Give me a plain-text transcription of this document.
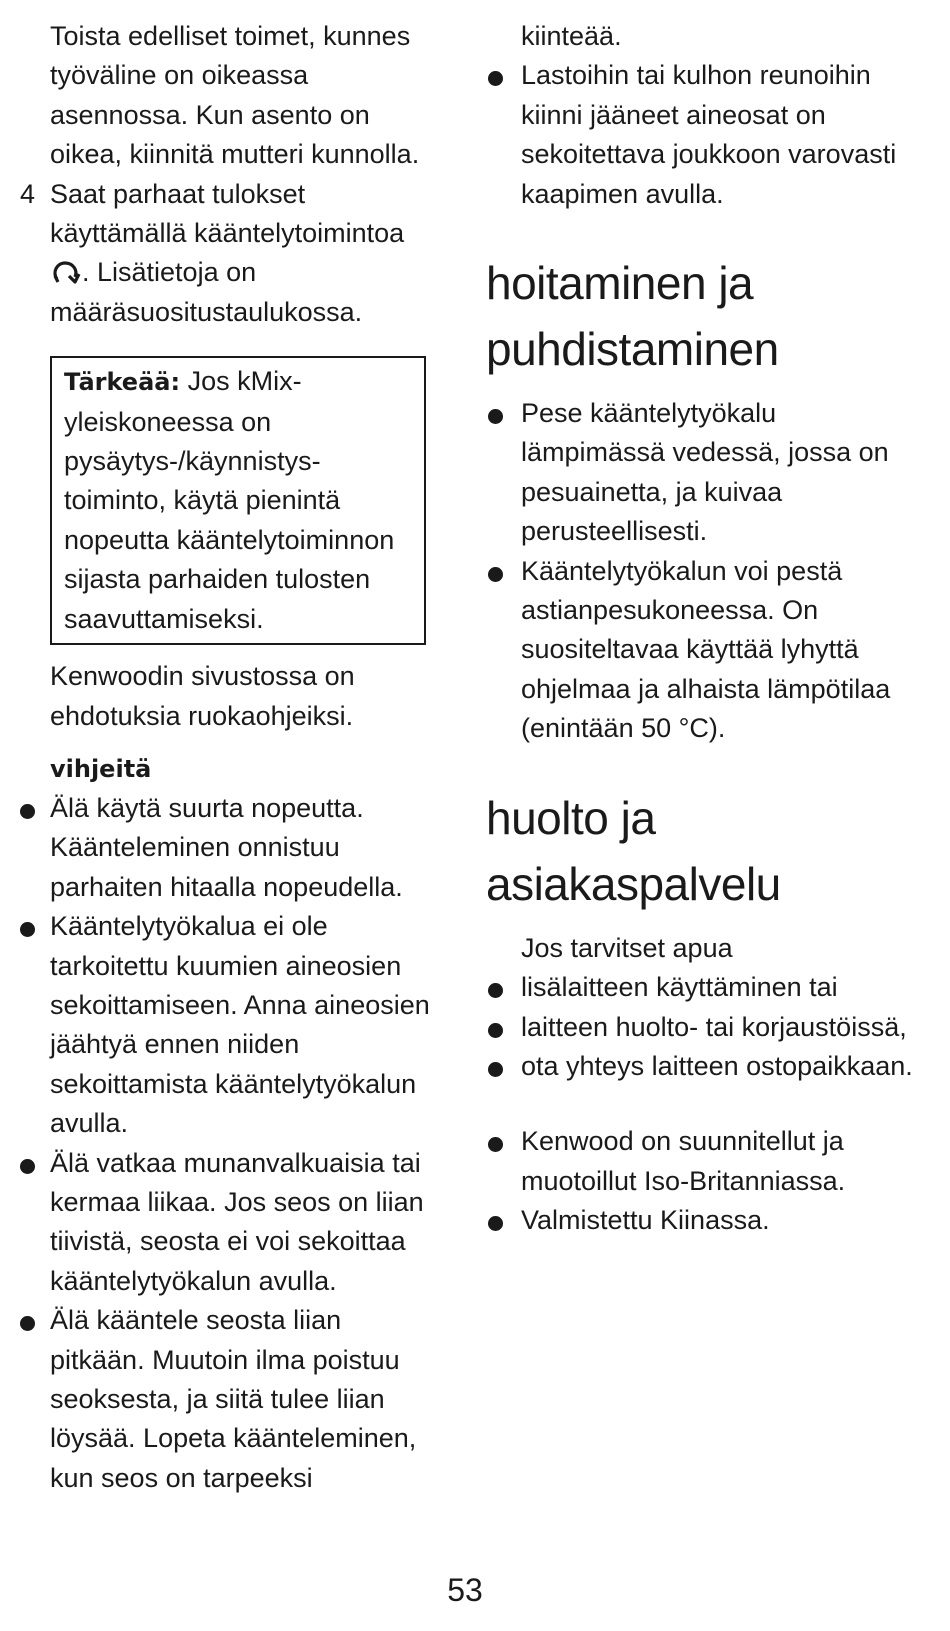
Toista edelliset toimet, kunnes työväline on oikeassa asennossa. Kun asento on oikea, kiinnitä mutteri kunnolla.

4 Saat parhaat tulokset käyttämällä kääntelytoimintoa . Lisätietoja on määräsuositustaulukossa.
Tärkeää: Jos kMix-yleiskoneessa on pysäytys-/käynnistys-toiminto, käytä pienintä nopeutta kääntelytoiminnon sijasta parhaiden tulosten saavuttamiseksi.

Kenwoodin sivustossa on ehdotuksia ruokaohjeiksi.

vihjeitä
Älä käytä suurta nopeutta. Kääntelеminen onnistuu parhaiten hitaalla nopeudella.
Kääntelytyökalua ei ole tarkoitettu kuumien aineosien sekoittamiseen. Anna aineosien jäähtyä ennen niiden sekoittamista kääntelytyökalun avulla.
Älä vatkaa munanvalkuaisia tai kermaa liikaa. Jos seos on liian tiivistä, seosta ei voi sekoittaa kääntelytyökalun avulla.
Älä kääntele seosta liian pitkään. Muutoin ilma poistuu seoksesta, ja siitä tulee liian löysää. Lopeta kääntеleminen, kun seos on tarpeeksi

kiinteää.

Lastoihin tai kulhon reunoihin kiinni jääneet aineosat on sekoitettava joukkoon varovasti kaapimen avulla.
hoitaminen ja
puhdistaminen
Pese kääntelytyökalu lämpimässä vedessä, jossa on pesuainetta, ja kuivaa perusteellisesti.
Kääntelytyökalun voi pestä astianpesukoneessa. On suositeltavaa käyttää lyhyttä ohjelmaa ja alhaista lämpötilaa (enintään 50 °C).
huolto ja
asiakaspalvelu

Jos tarvitset apua

lisälaitteen käyttäminen tai
laitteen huolto- tai korjaustöissä,
ota yhteys laitteen ostopaikkaan.
Kenwood on suunnitellut ja muotoillut Iso-Britanniassa.
Valmistettu Kiinassa.
53
